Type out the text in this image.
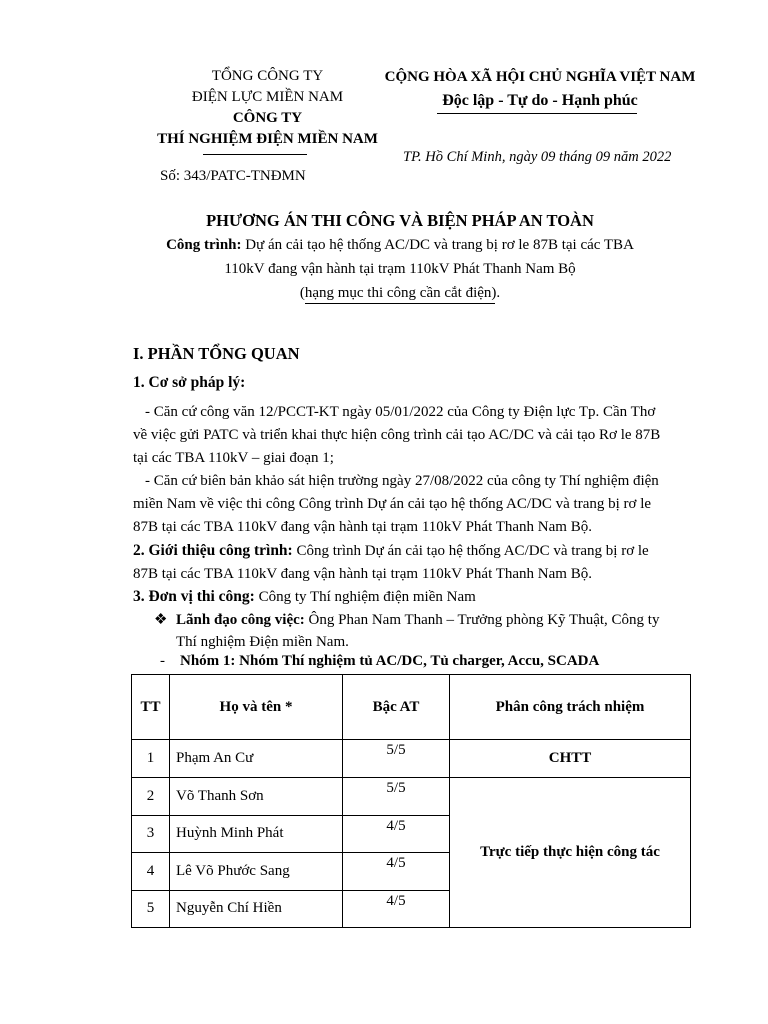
TỔNG CÔNG TY
ĐIỆN LỰC MIỀN NAM
CÔNG TY
THÍ NGHIỆM ĐIỆN MIỀN NAM
CỘNG HÒA XÃ HỘI CHỦ NGHĨA VIỆT NAM
Độc lập - Tự do - Hạnh phúc
TP. Hồ Chí Minh, ngày 09 tháng 09 năm 2022
Số: 343/PATC-TNĐMN
PHƯƠNG ÁN THI CÔNG VÀ BIỆN PHÁP AN TOÀN
Công trình: Dự án cải tạo hệ thống AC/DC và trang bị rơ le 87B tại các TBA
110kV đang vận hành tại trạm 110kV Phát Thanh Nam Bộ
(hạng mục thi công cần cắt điện).
I. PHẦN TỔNG QUAN
1. Cơ sở pháp lý:
- Căn cứ công văn 12/PCCT-KT ngày 05/01/2022 của Công ty Điện lực Tp. Cần Thơ
về việc gửi PATC và triển khai thực hiện công trình cải tạo AC/DC và cải tạo Rơ le 87B
tại các TBA 110kV – giai đoạn 1;
- Căn cứ biên bản khảo sát hiện trường ngày 27/08/2022 của công ty Thí nghiệm điện
miền Nam về việc thi công Công trình Dự án cải tạo hệ thống AC/DC và trang bị rơ le
87B tại các TBA 110kV đang vận hành tại trạm 110kV Phát Thanh Nam Bộ.
2. Giới thiệu công trình: Công trình Dự án cải tạo hệ thống AC/DC và trang bị rơ le
87B tại các TBA 110kV đang vận hành tại trạm 110kV Phát Thanh Nam Bộ.
3. Đơn vị thi công: Công ty Thí nghiệm điện miền Nam
❖ Lãnh đạo công việc: Ông Phan Nam Thanh – Trưởng phòng Kỹ Thuật, Công ty
Thí nghiệm Điện miền Nam.
- Nhóm 1: Nhóm Thí nghiệm tủ AC/DC, Tủ charger, Accu, SCADA
TT	Họ và tên *	Bậc AT	Phân công trách nhiệm
1	Phạm An Cư	5/5	CHTT
2	Võ Thanh Sơn	5/5	Trực tiếp thực hiện công tác
3	Huỳnh Minh Phát	4/5	
4	Lê Võ Phước Sang	4/5	
5	Nguyễn Chí Hiền	4/5	
